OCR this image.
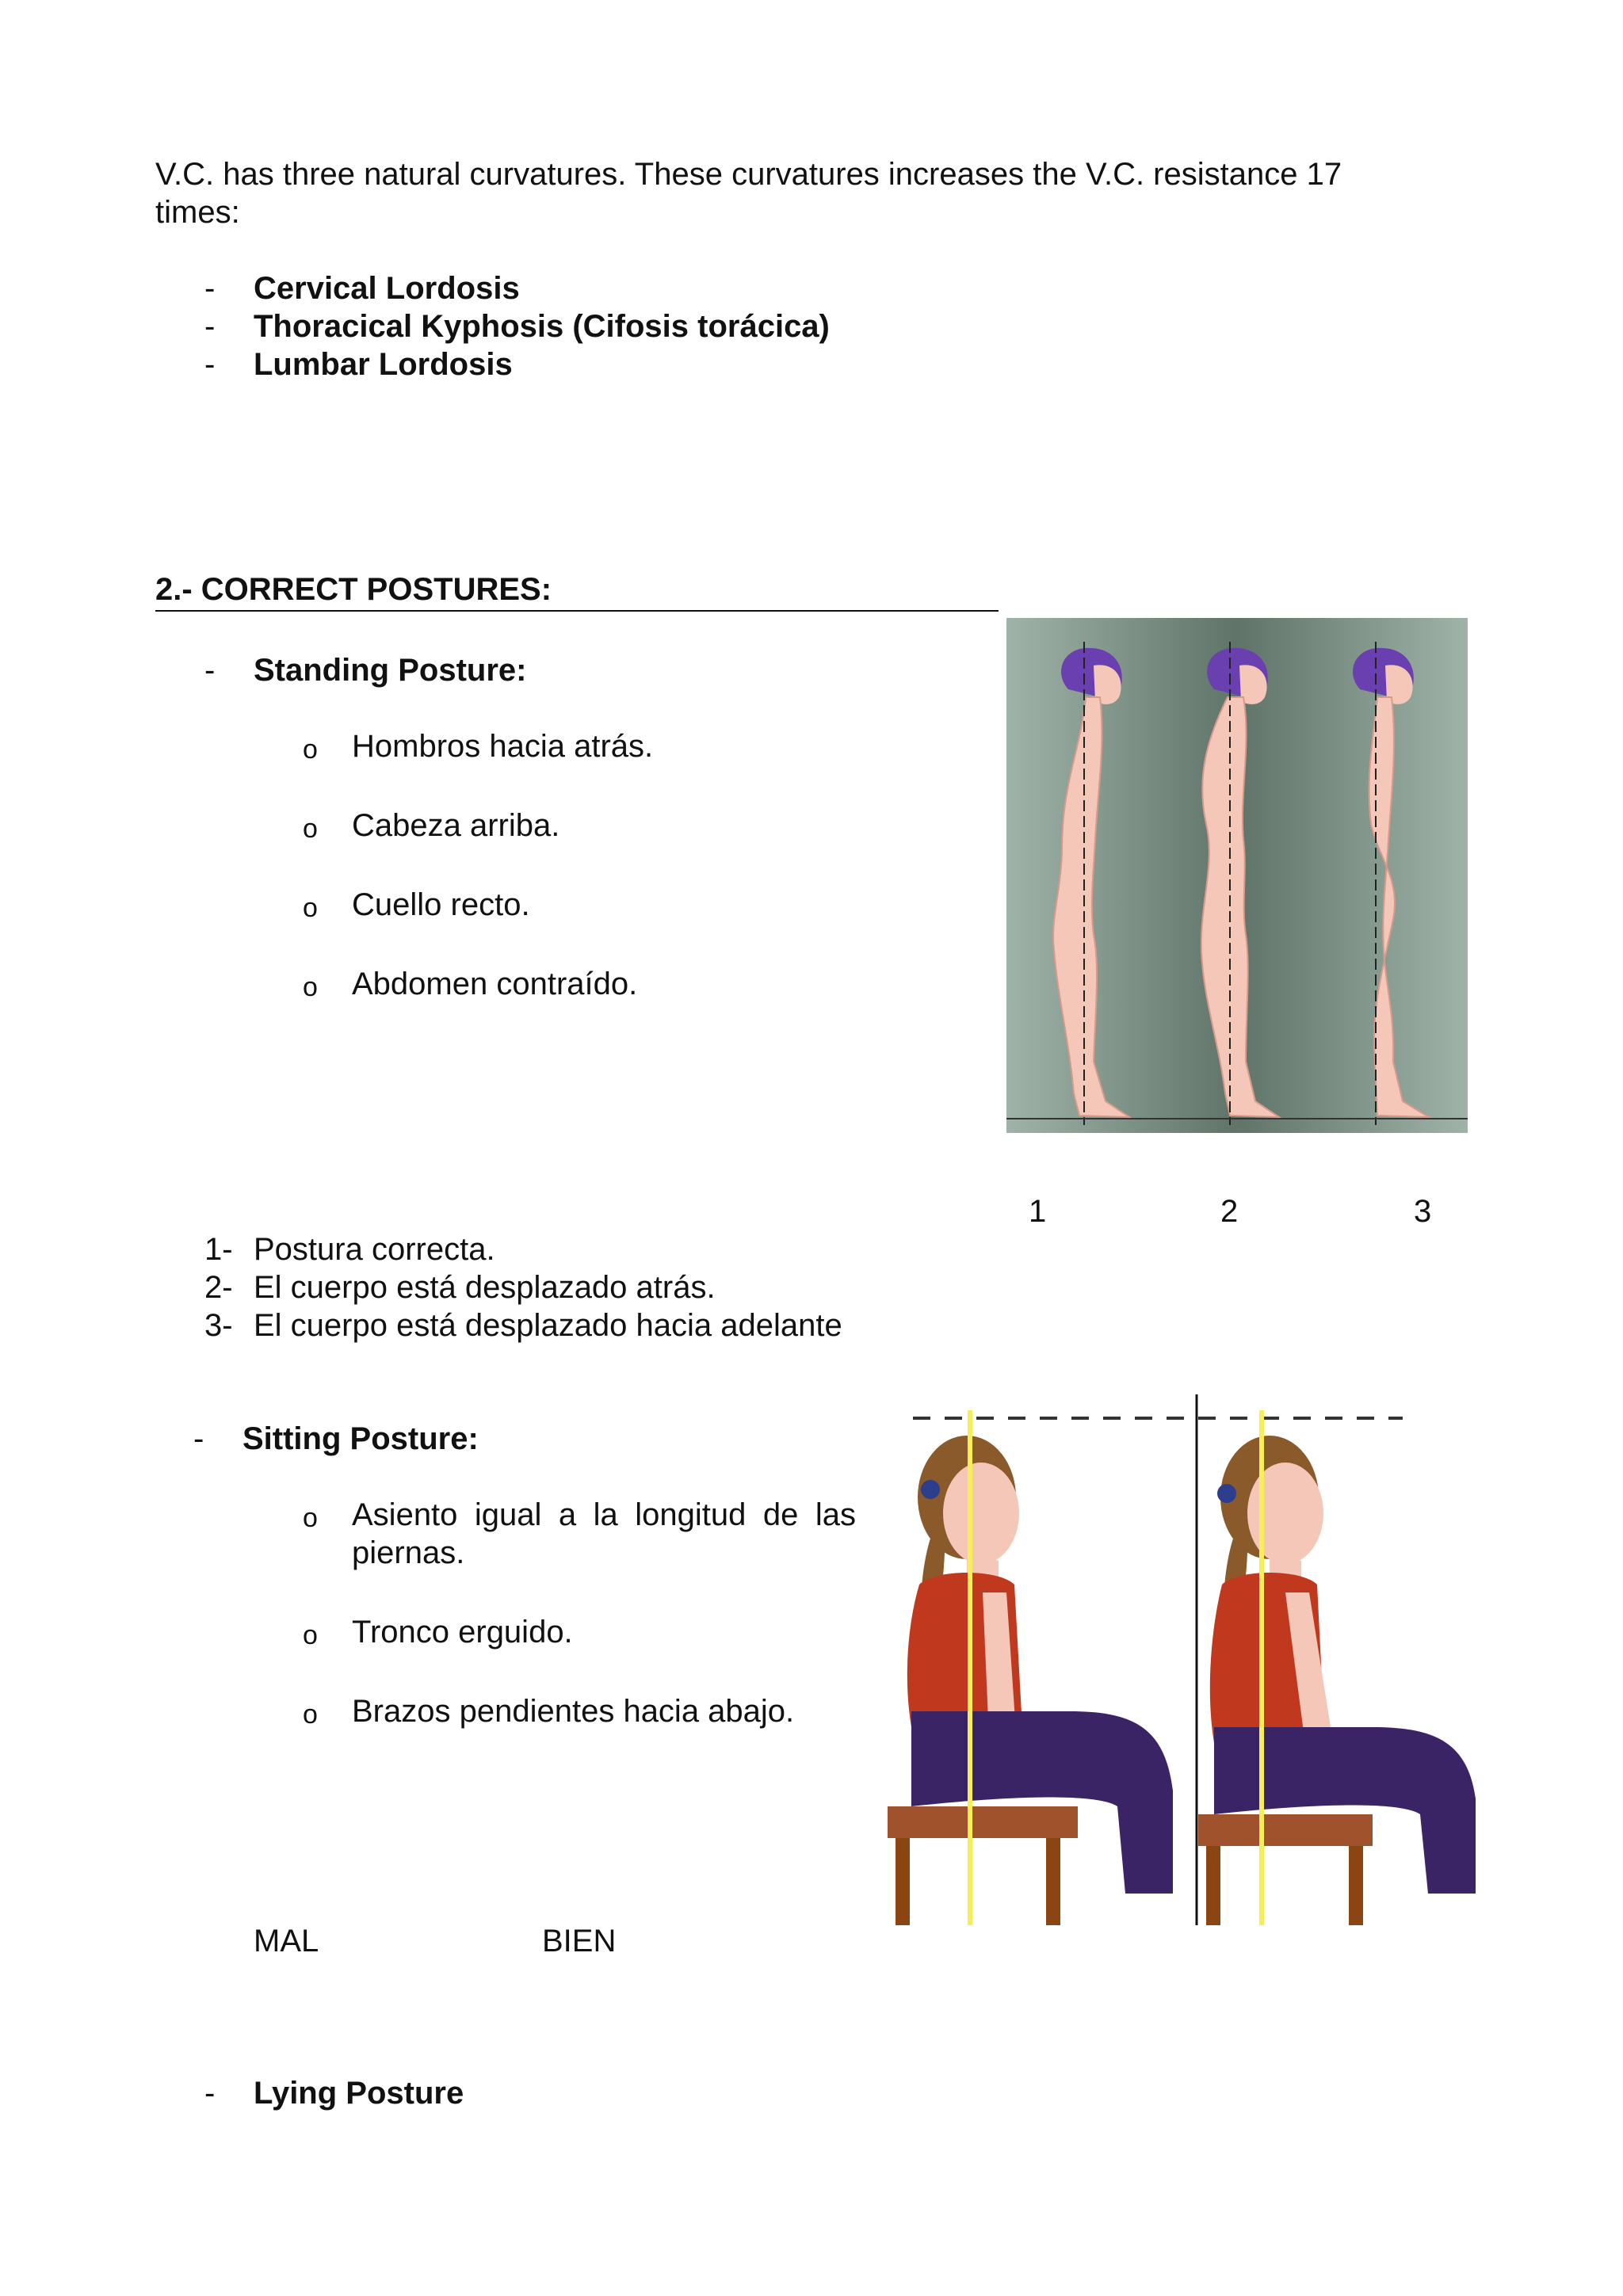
V.C. has three natural curvatures. These curvatures increases the V.C. resistance 17
times:
-	Cervical Lordosis
-	Thoracical Kyphosis (Cifosis torácica)
-	Lumbar Lordosis
2.- CORRECT POSTURES:
-	Standing Posture:
o Hombros hacia atrás.
o Cabeza arriba.
o Cuello recto.
o Abdomen contraído.
1	2	3
1- Postura correcta.
2- El cuerpo está desplazado atrás.
3- El cuerpo está desplazado hacia adelante
-	Sitting Posture:
o Asiento igual a la longitud de las
piernas.
o Tronco erguido.
o Brazos pendientes hacia abajo.
MAL	BIEN
-	Lying Posture
